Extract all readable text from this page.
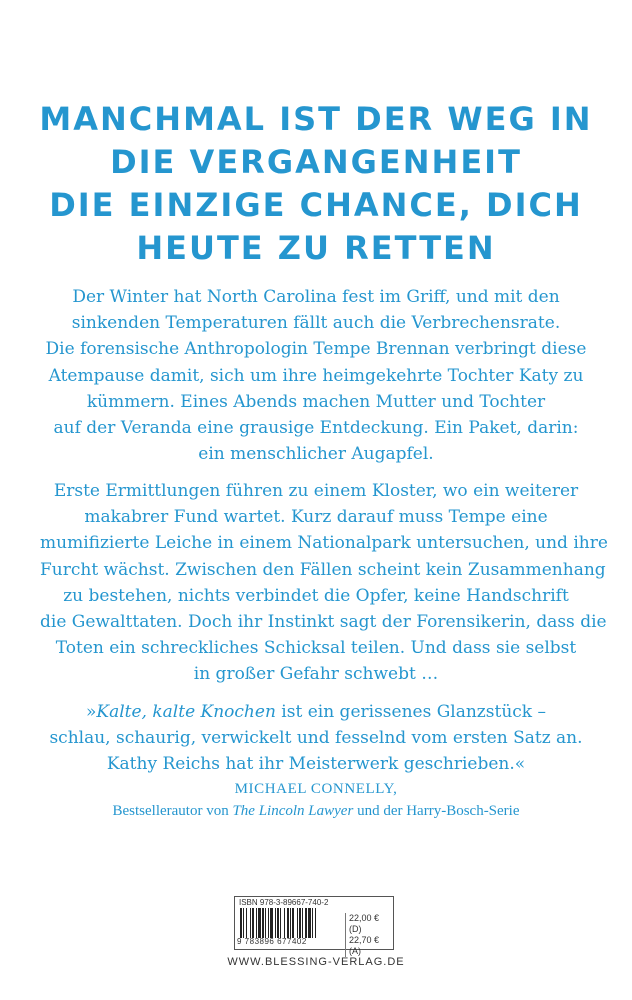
MANCHMAL IST DER WEG IN
DIE VERGANGENHEIT
DIE EINZIGE CHANCE, DICH
HEUTE ZU RETTEN
Der Winter hat North Carolina fest im Griff, und mit den
sinkenden Temperaturen fällt auch die Verbrechensrate.
Die forensische Anthropologin Tempe Brennan verbringt diese
Atempause damit, sich um ihre heimgekehrte Tochter Katy zu
kümmern. Eines Abends machen Mutter und Tochter
auf der Veranda eine grausige Entdeckung. Ein Paket, darin:
ein menschlicher Augapfel.
Erste Ermittlungen führen zu einem Kloster, wo ein weiterer
makabrer Fund wartet. Kurz darauf muss Tempe eine
mumifizierte Leiche in einem Nationalpark untersuchen, und ihre
Furcht wächst. Zwischen den Fällen scheint kein Zusammenhang
zu bestehen, nichts verbindet die Opfer, keine Handschrift
die Gewalttaten. Doch ihr Instinkt sagt der Forensikerin, dass die
Toten ein schreckliches Schicksal teilen. Und dass sie selbst
in großer Gefahr schwebt …
»Kalte, kalte Knochen ist ein gerissenes Glanzstück –
schlau, schaurig, verwickelt und fesselnd vom ersten Satz an.
Kathy Reichs hat ihr Meisterwerk geschrieben.«
MICHAEL CONNELLY,
Bestsellerautor von The Lincoln Lawyer und der Harry-Bosch-Serie
ISBN 978-3-89667-740-2
9 783896 677402
22,00 € (D)
22,70 € (A)
WWW.BLESSING-VERLAG.DE
